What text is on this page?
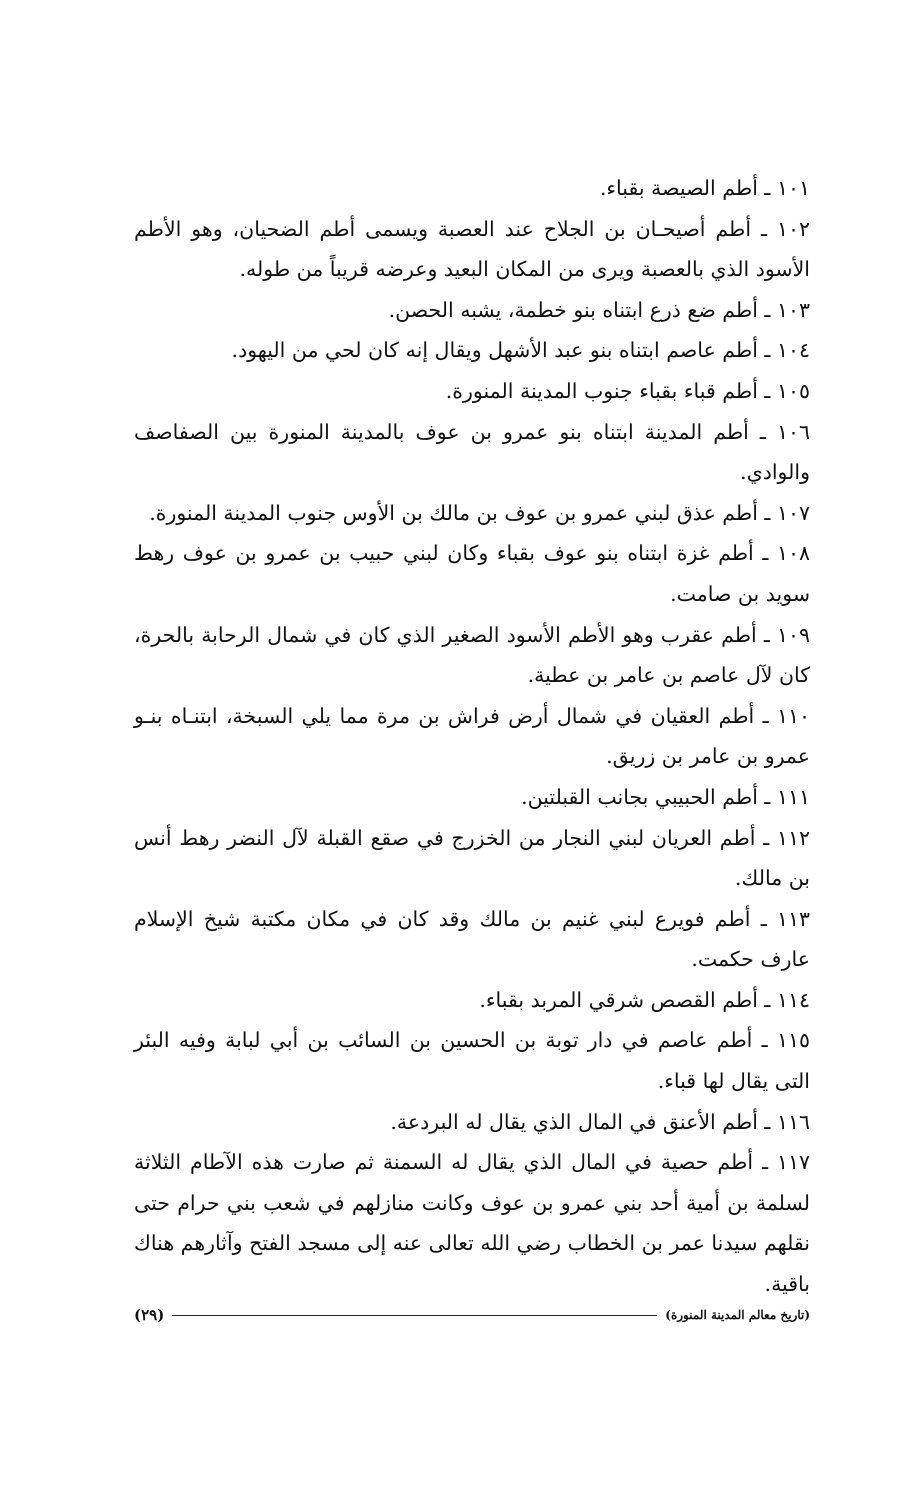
١٠١ ـ أطم الصيصة بقباء.

١٠٢ ـ أطم أصيحـان بن الجلاح عند العصبة ويسمى أطم الضحيان، وهو الأطم الأسود الذي بالعصبة ويرى من المكان البعيد وعرضه قريباً من طوله.

١٠٣ ـ أطم ضع ذرع ابتناه بنو خطمة، يشبه الحصن.

١٠٤ ـ أطم عاصم ابتناه بنو عبد الأشهل ويقال إنه كان لحي من اليهود.

١٠٥ ـ أطم قباء بقباء جنوب المدينة المنورة.

١٠٦ ـ أطم المدينة ابتناه بنو عمرو بن عوف بالمدينة المنورة بين الصفاصف والوادي.

١٠٧ ـ أطم عذق لبني عمرو بن عوف بن مالك بن الأوس جنوب المدينة المنورة.

١٠٨ ـ أطم غزة ابتناه بنو عوف بقباء وكان لبني حبيب بن عمرو بن عوف رهط سويد بن صامت.

١٠٩ ـ أطم عقرب وهو الأطم الأسود الصغير الذي كان في شمال الرحابة بالحرة، كان لآل عاصم بن عامر بن عطية.

١١٠ ـ أطم العقيان في شمال أرض فراش بن مرة مما يلي السبخة، ابتنـاه بنـو عمرو بن عامر بن زريق.

١١١ ـ أطم الحبيبي بجانب القبلتين.

١١٢ ـ أطم العريان لبني النجار من الخزرج في صقع القبلة لآل النضر رهط أنس بن مالك.

١١٣ ـ أطم فويرع لبني غنيم بن مالك وقد كان في مكان مكتبة شيخ الإسلام عارف حكمت.

١١٤ ـ أطم القصص شرقي المربد بقباء.

١١٥ ـ أطم عاصم في دار توبة بن الحسين بن السائب بن أبي لبابة وفيه البئر التى يقال لها قباء.

١١٦ ـ أطم الأعنق في المال الذي يقال له البردعة.

١١٧ ـ أطم حصية في المال الذي يقال له السمنة ثم صارت هذه الآطام الثلاثة لسلمة بن أمية أحد بني عمرو بن عوف وكانت منازلهم في شعب بني حرام حتى نقلهم سيدنا عمر بن الخطاب رضي الله تعالى عنه إلى مسجد الفتح وآثارهم هناك باقية.

(تاريخ معالم المدينة المنورة)
(٢٩)
